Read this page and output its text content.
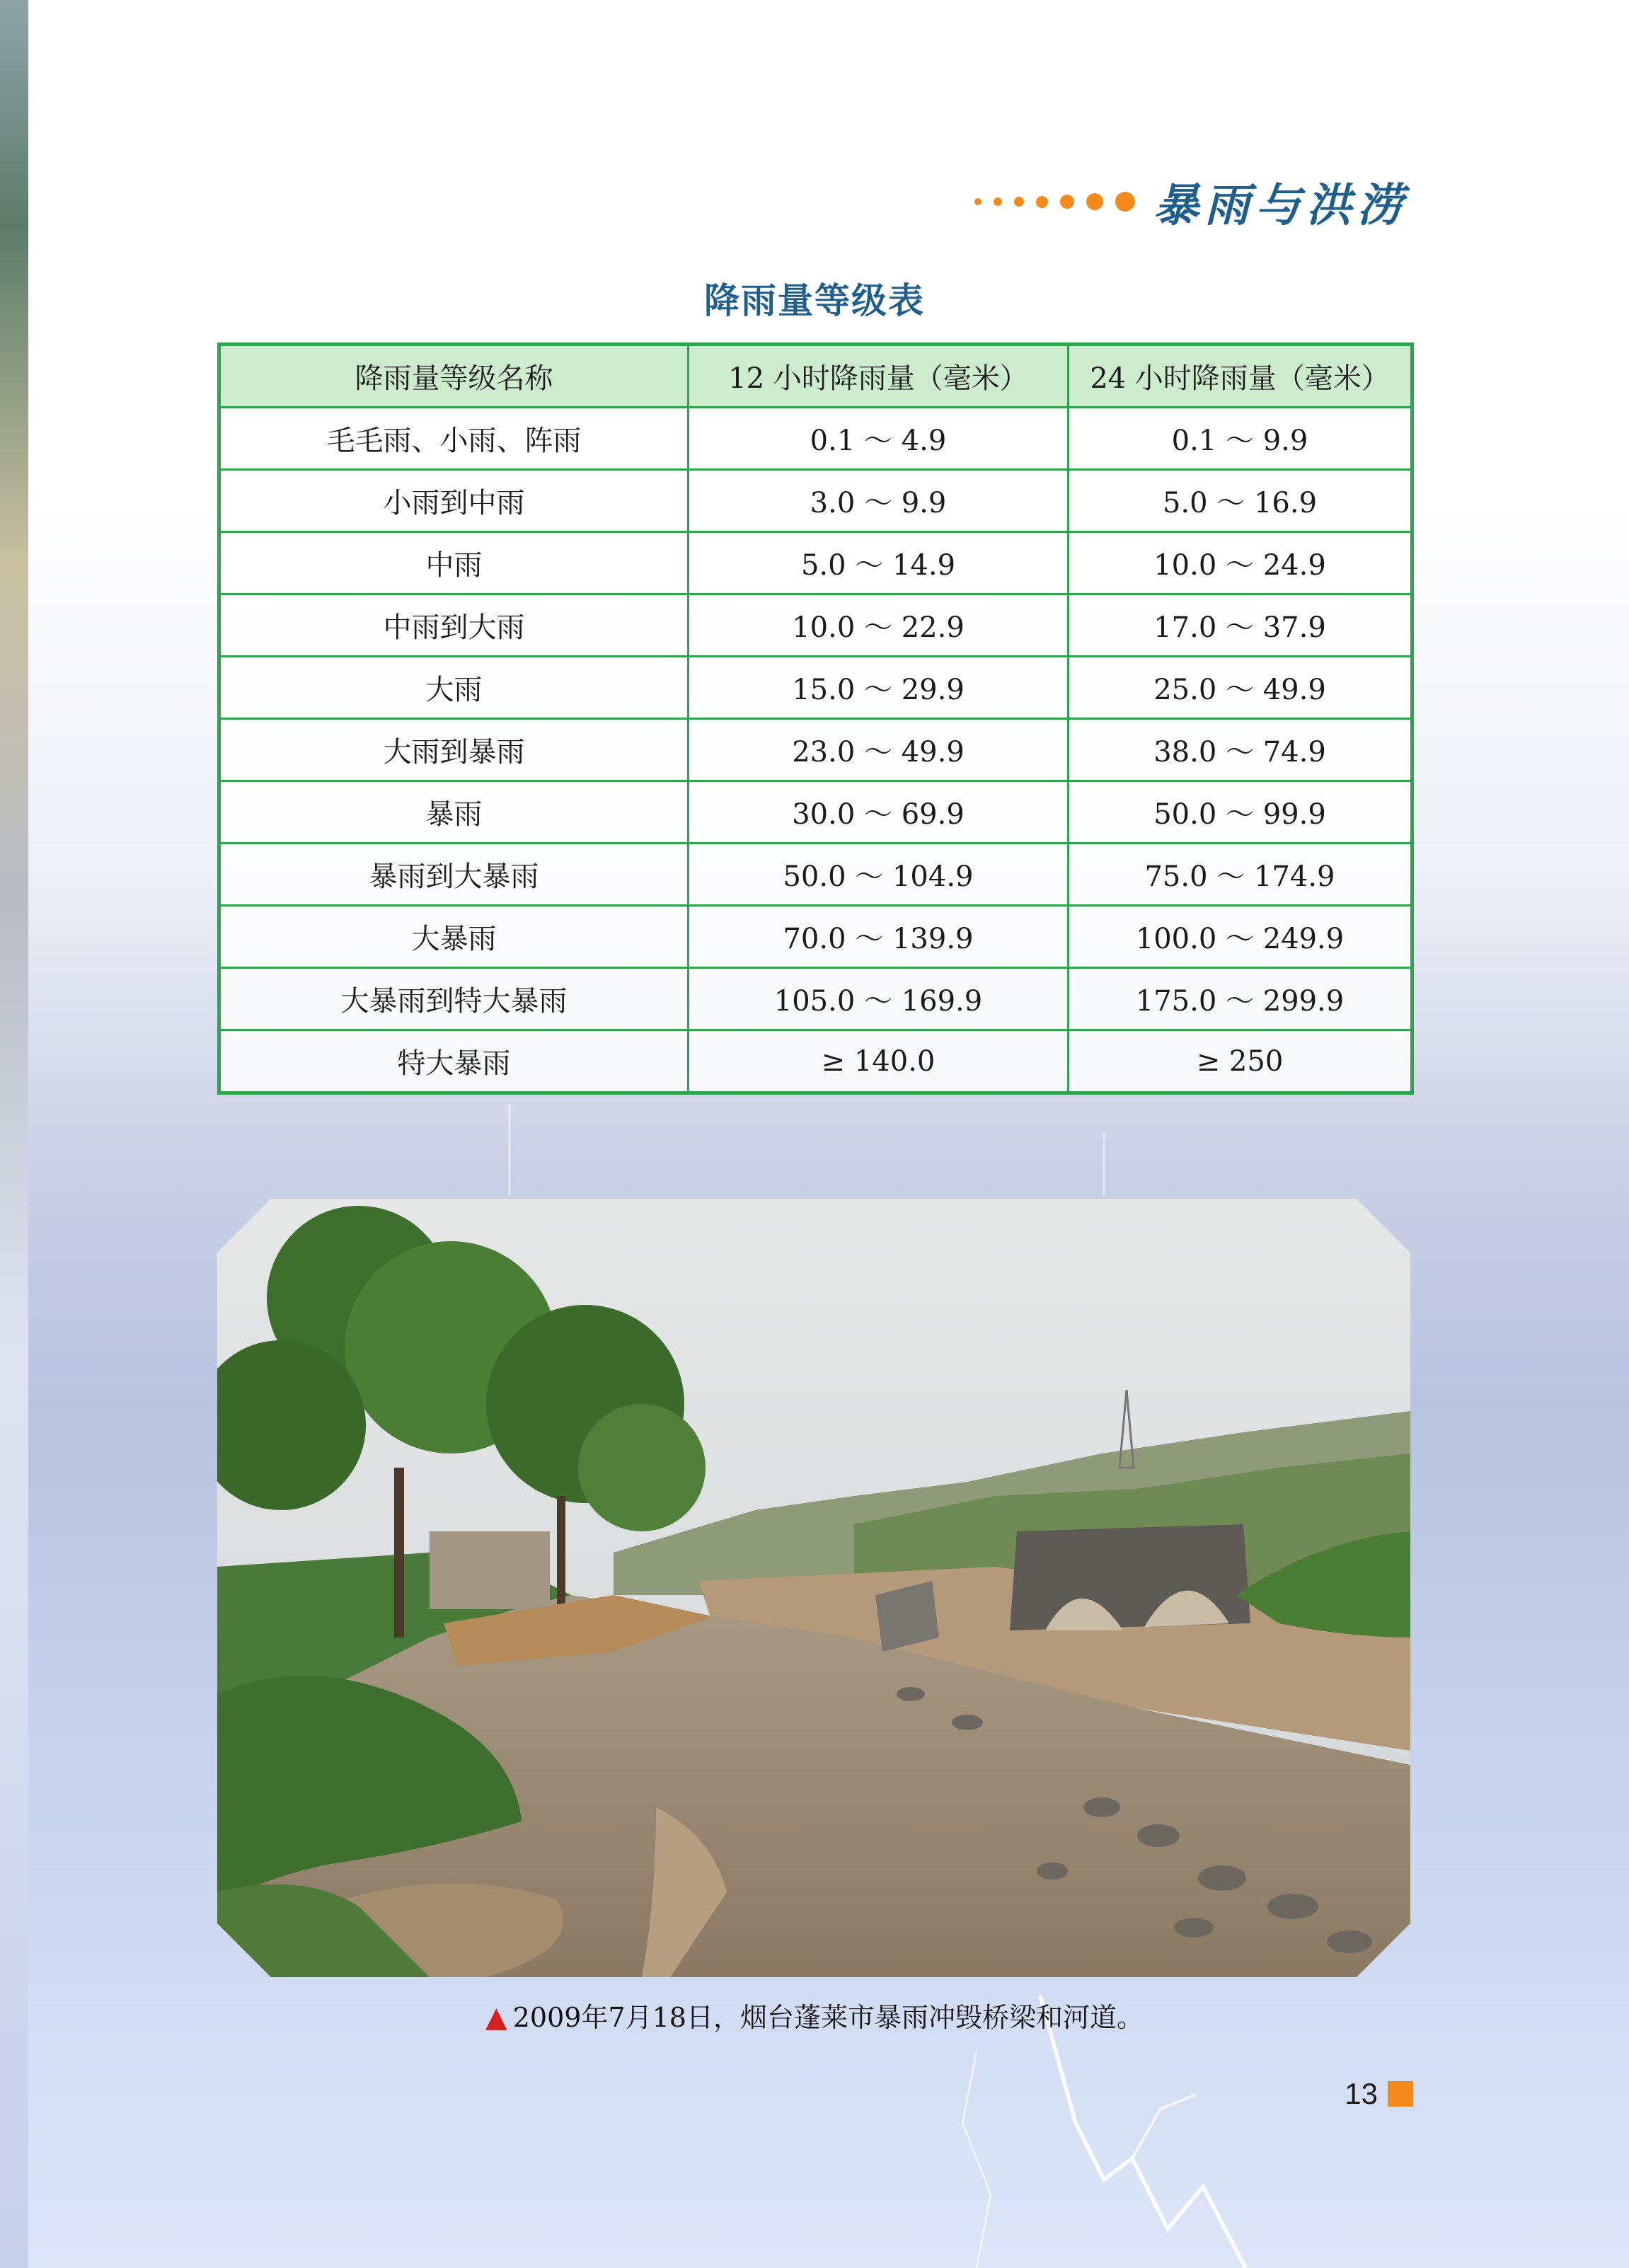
暴雨与洪涝
降雨量等级表
降雨量等级名称	12 小时降雨量（毫米）	24 小时降雨量（毫米）
毛毛雨、小雨、阵雨	0.1 ～ 4.9	0.1 ～ 9.9
小雨到中雨	3.0 ～ 9.9	5.0 ～ 16.9
中雨	5.0 ～ 14.9	10.0 ～ 24.9
中雨到大雨	10.0 ～ 22.9	17.0 ～ 37.9
大雨	15.0 ～ 29.9	25.0 ～ 49.9
大雨到暴雨	23.0 ～ 49.9	38.0 ～ 74.9
暴雨	30.0 ～ 69.9	50.0 ～ 99.9
暴雨到大暴雨	50.0 ～ 104.9	75.0 ～ 174.9
大暴雨	70.0 ～ 139.9	100.0 ～ 249.9
大暴雨到特大暴雨	105.0 ～ 169.9	175.0 ～ 299.9
特大暴雨	≥ 140.0	≥ 250
▲ 2009年7月18日，烟台蓬莱市暴雨冲毁桥梁和河道。
13
